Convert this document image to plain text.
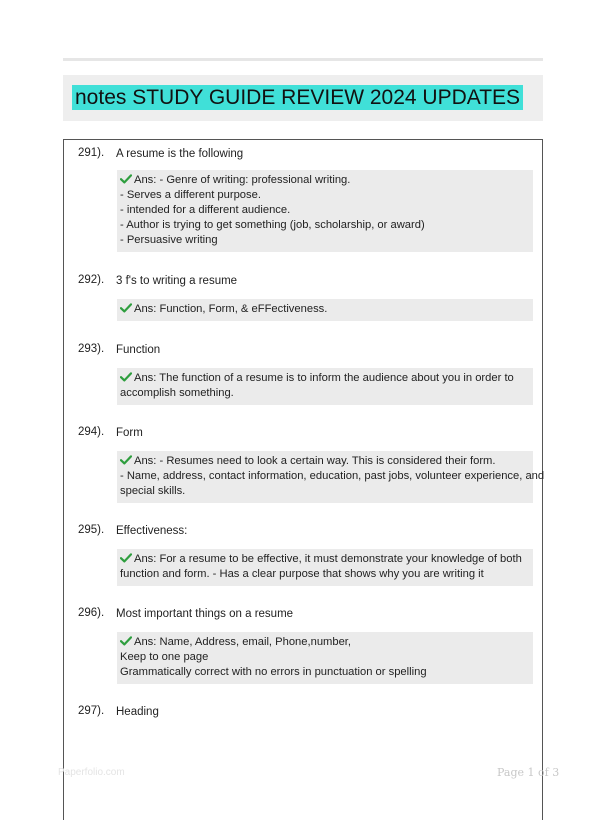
notes STUDY GUIDE REVIEW 2024 UPDATES
291). A resume is the following
Ans: - Genre of writing: professional writing.
- Serves a different purpose.
- intended for a different audience.
- Author is trying to get something (job, scholarship, or award)
- Persuasive writing
292). 3 f's to writing a resume
Ans: Function, Form, & eFFectiveness.
293). Function
Ans: The function of a resume is to inform the audience about you in order to
accomplish something.
294). Form
Ans: - Resumes need to look a certain way. This is considered their form.
- Name, address, contact information, education, past jobs, volunteer experience, and
special skills.
295). Effectiveness:
Ans: For a resume to be effective, it must demonstrate your knowledge of both
function and form. - Has a clear purpose that shows why you are writing it
296). Most important things on a resume
Ans: Name, Address, email, Phone,number,
Keep to one page
Grammatically correct with no errors in punctuation or spelling
297). Heading
Paperfolio.com	Page 1 of 3
